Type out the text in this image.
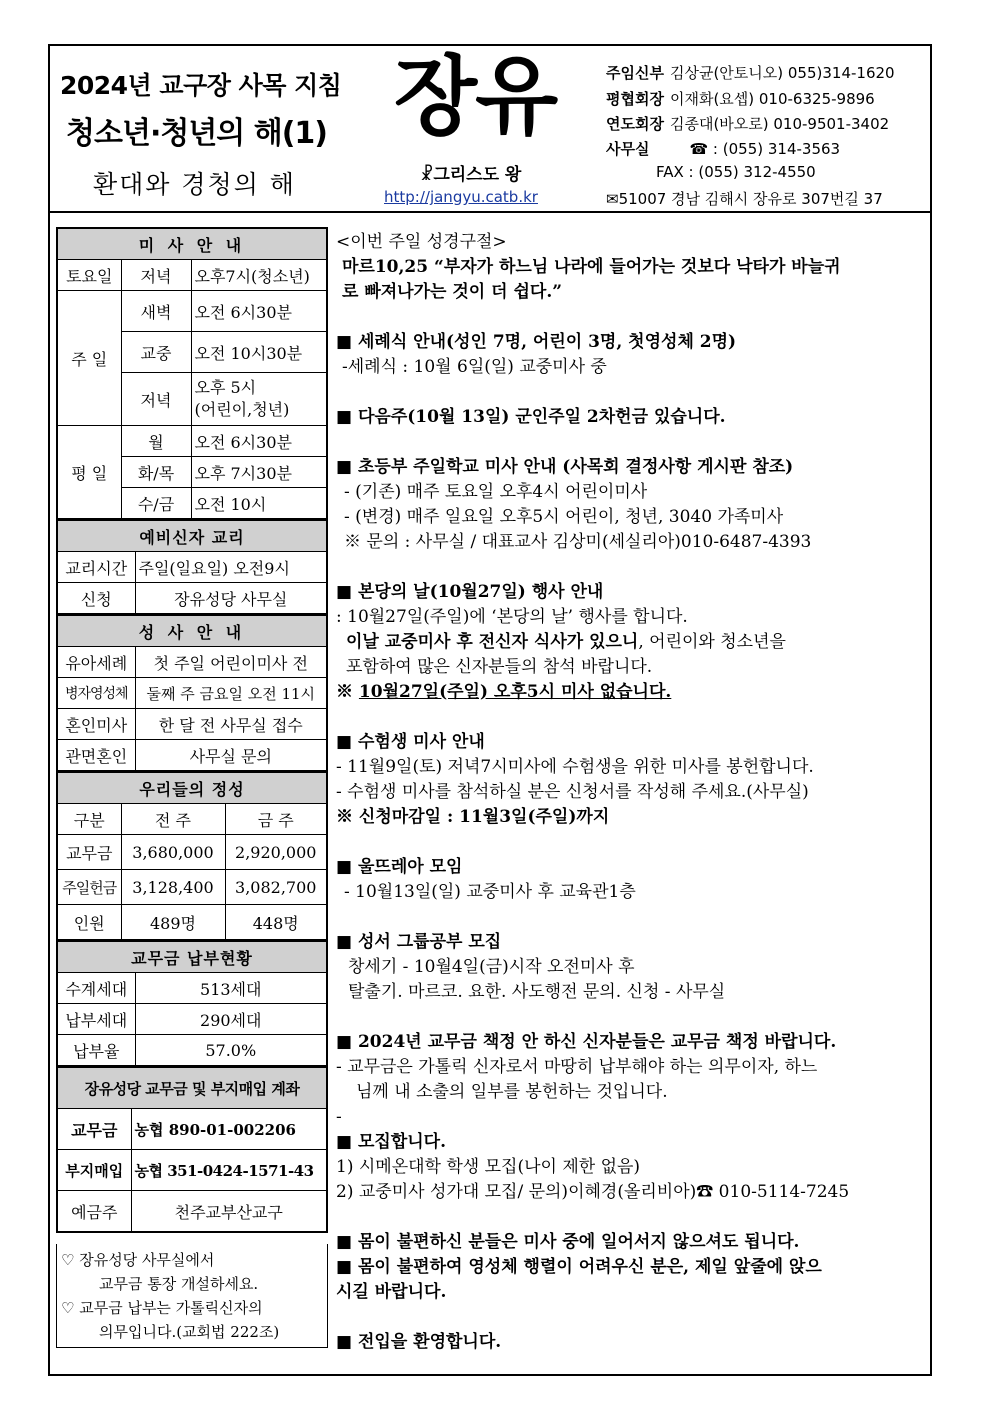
2024년 교구장 사목 지침
청소년·청년의 해(1)
환대와 경청의 해
장유
☧그리스도 왕
http://jangyu.catb.kr
주임신부 김상균(안토니오) 055)314-1620
평협회장 이재화(요셉) 010-6325-9896
연도회장 김종대(바오로) 010-9501-3402
사무실	☎ : (055) 314-3563
FAX : (055) 312-4550
✉51007 경남 김해시 장유로 307번길 37
미 사 안 내		
토요일	저녁	오후7시(청소년)
주 일	새벽	오전 6시30분
	교중	오전 10시30분
	저녁	오후 5시
(어린이,청년)

평 일	월	오전 6시30분
	화/목	오후 7시30분
	수/금	오전 10시
예비신자 교리	
교리시간	주일(일요일) 오전9시
신청	장유성당 사무실
성 사 안 내	
유아세례	첫 주일 어린이미사 전
병자영성체	둘째 주 금요일 오전 11시
혼인미사	한 달 전 사무실 접수
관면혼인	사무실 문의
우리들의 정성		
구분	전 주	금 주
교무금	3,680,000	2,920,000
주일헌금	3,128,400	3,082,700
인원	489명	448명
교무금 납부현황	
수계세대	513세대
납부세대	290세대
납부율	57.0%
장유성당 교무금 및 부지매입 계좌	
교무금	농협 890-01-002206
부지매입	농협 351-0424-1571-43
예금주	천주교부산교구
♡ 장유성당 사무실에서
교무금 통장 개설하세요.
♡ 교무금 납부는 가톨릭신자의
의무입니다.(교회법 222조)
<이번 주일 성경구절>
마르10,25 “부자가 하느님 나라에 들어가는 것보다 낙타가 바늘귀
로 빠져나가는 것이 더 쉽다.”
■ 세례식 안내(성인 7명, 어린이 3명, 첫영성체 2명)
-세례식 : 10월 6일(일) 교중미사 중
■ 다음주(10월 13일) 군인주일 2차헌금 있습니다.
■ 초등부 주일학교 미사 안내 (사목회 결정사항 게시판 참조)
- (기존) 매주 토요일 오후4시 어린이미사
- (변경) 매주 일요일 오후5시 어린이, 청년, 3040 가족미사
※ 문의 : 사무실 / 대표교사 김상미(세실리아)010-6487-4393
■ 본당의 날(10월27일) 행사 안내
: 10월27일(주일)에 ‘본당의 날’ 행사를 합니다.
이날 교중미사 후 전신자 식사가 있으니, 어린이와 청소년을
포함하여 많은 신자분들의 참석 바랍니다.
※ 10월27일(주일) 오후5시 미사 없습니다.
■ 수험생 미사 안내
- 11월9일(토) 저녁7시미사에 수험생을 위한 미사를 봉헌합니다.
- 수험생 미사를 참석하실 분은 신청서를 작성해 주세요.(사무실)
※ 신청마감일 : 11월3일(주일)까지
■ 울뜨레아 모임
- 10월13일(일) 교중미사 후 교육관1층
■ 성서 그룹공부 모집
창세기 - 10월4일(금)시작 오전미사 후
탈출기. 마르코. 요한. 사도행전 문의. 신청 - 사무실
■ 2024년 교무금 책정 안 하신 신자분들은 교무금 책정 바랍니다.
- 교무금은 가톨릭 신자로서 마땅히 납부해야 하는 의무이자, 하느
님께 내 소출의 일부를 봉헌하는 것입니다.
-
■ 모집합니다.
1) 시메온대학 학생 모집(나이 제한 없음)
2) 교중미사 성가대 모집/ 문의)이혜경(올리비아)☎ 010-5114-7245
■ 몸이 불편하신 분들은 미사 중에 일어서지 않으셔도 됩니다.
■ 몸이 불편하여 영성체 행렬이 어려우신 분은, 제일 앞줄에 앉으
시길 바랍니다.
■ 전입을 환영합니다.
